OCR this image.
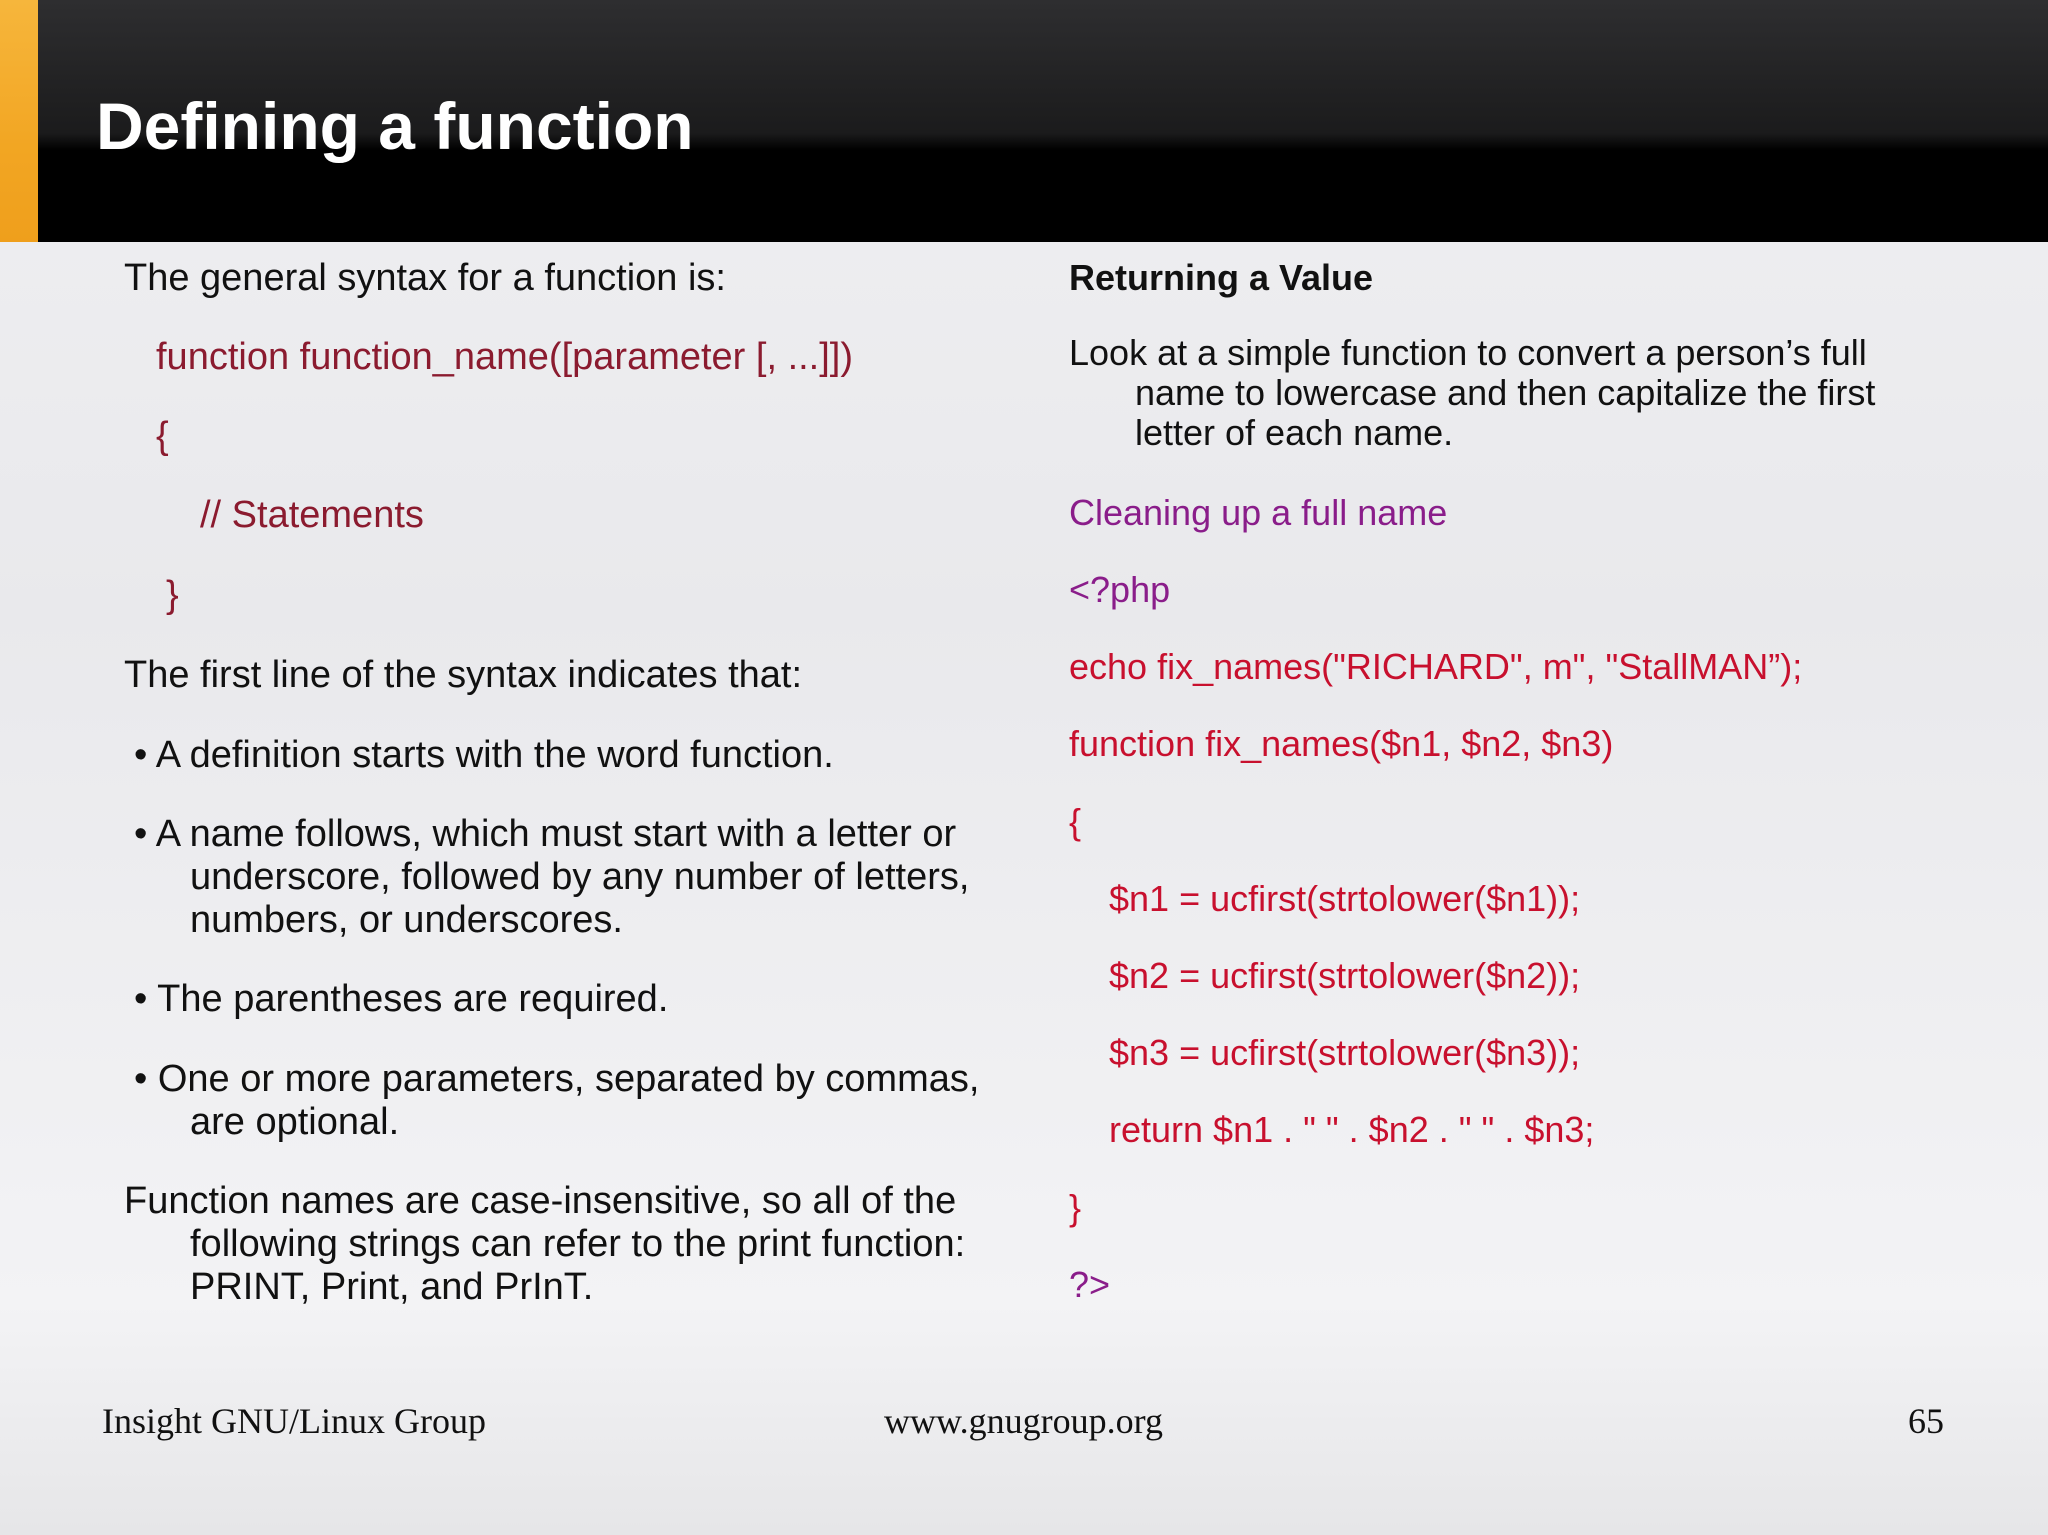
Defining a function
The general syntax for a function is:
function function_name([parameter [, ...]])
{
// Statements
}
The first line of the syntax indicates that:
• A definition starts with the word function.
• A name follows, which must start with a letter or
underscore, followed by any number of letters,
numbers, or underscores.
• The parentheses are required.
• One or more parameters, separated by commas,
are optional.
Function names are case-insensitive, so all of the
following strings can refer to the print function:
PRINT, Print, and PrInT.
Returning a Value
Look at a simple function to convert a person’s full
name to lowercase and then capitalize the first
letter of each name.
Cleaning up a full name
<?php
echo fix_names("RICHARD", m", "StallMAN”);
function fix_names($n1, $n2, $n3)
{
$n1 = ucfirst(strtolower($n1));
$n2 = ucfirst(strtolower($n2));
$n3 = ucfirst(strtolower($n3));
return $n1 . " " . $n2 . " " . $n3;
}
?>
Insight GNU/Linux Group	www.gnugroup.org	65
